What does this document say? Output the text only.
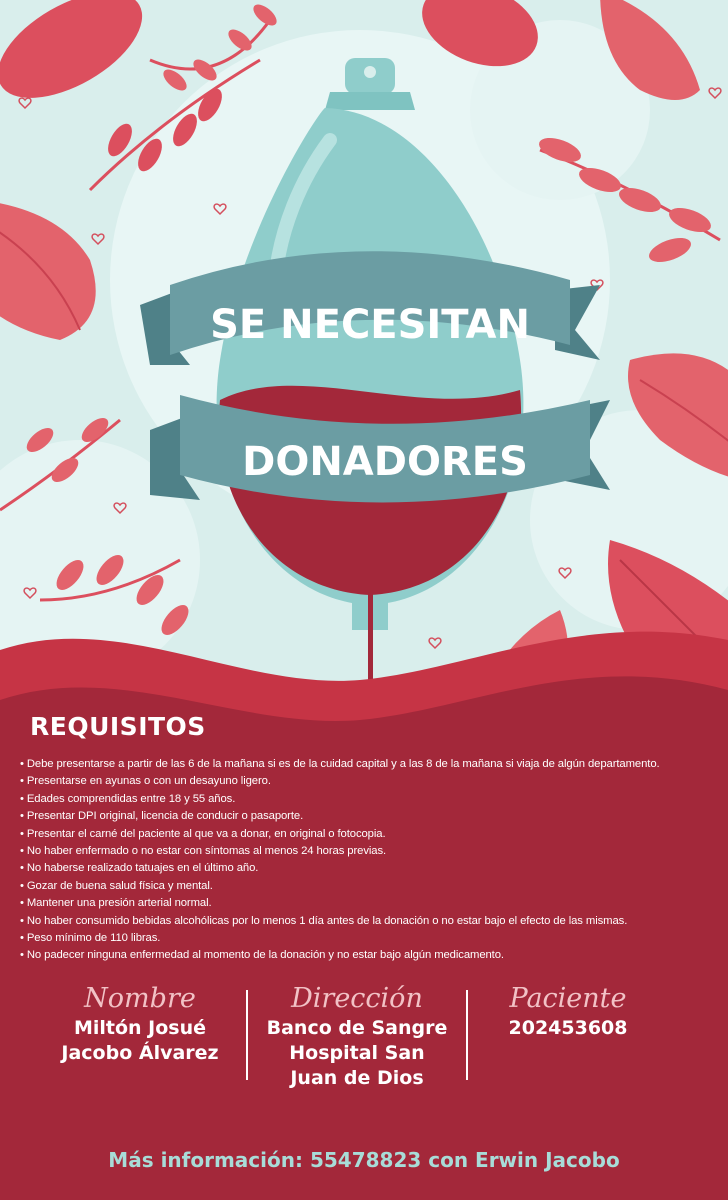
SE NECESITAN
DONADORES
REQUISITOS
• Debe presentarse a partir de las 6 de la mañana si es de la cuidad capital y a las 8 de la mañana si viaja de algún departamento.
• Presentarse en ayunas o con un desayuno ligero.
• Edades comprendidas entre 18 y 55 años.
• Presentar DPI original, licencia de conducir o pasaporte.
• Presentar el carné del paciente al que va a donar, en original o fotocopia.
• No haber enfermado o no estar con síntomas al menos 24 horas previas.
• No haberse realizado tatuajes en el último año.
• Gozar de buena salud física y mental.
• Mantener una presión arterial normal.
• No haber consumido bebidas alcohólicas por lo menos 1 día antes de la donación o no estar bajo el efecto de las mismas.
• Peso mínimo de 110 libras.
• No padecer ninguna enfermedad al momento de la donación y no estar bajo algún medicamento.
Nombre
Miltón Josué
Jacobo Álvarez
Dirección
Banco de Sangre
Hospital San
Juan de Dios
Paciente
202453608
Más información: 55478823 con Erwin Jacobo
